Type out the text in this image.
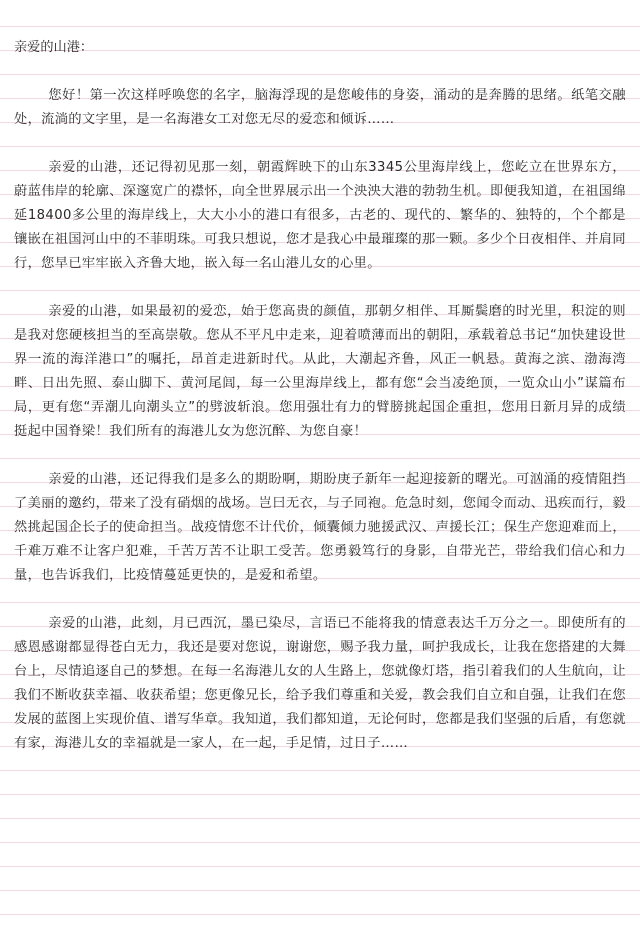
亲爱的山港：

您好！第一次这样呼唤您的名字，脑海浮现的是您峻伟的身姿，涌动的是奔腾的思绪。纸笔交融处，流淌的文字里，是一名海港女工对您无尽的爱恋和倾诉……

亲爱的山港，还记得初见那一刻，朝霞辉映下的山东3345公里海岸线上，您屹立在世界东方，蔚蓝伟岸的轮廓、深邃宽广的襟怀，向全世界展示出一个泱泱大港的勃勃生机。即便我知道，在祖国绵延18400多公里的海岸线上，大大小小的港口有很多，古老的、现代的、繁华的、独特的，个个都是镶嵌在祖国河山中的不菲明珠。可我只想说，您才是我心中最璀璨的那一颗。多少个日夜相伴、并肩同行，您早已牢牢嵌入齐鲁大地，嵌入每一名山港儿女的心里。

亲爱的山港，如果最初的爱恋，始于您高贵的颜值，那朝夕相伴、耳厮鬓磨的时光里，积淀的则是我对您硬核担当的至高崇敬。您从不平凡中走来，迎着喷薄而出的朝阳，承载着总书记“加快建设世界一流的海洋港口”的嘱托，昂首走进新时代。从此，大潮起齐鲁，风正一帆悬。黄海之滨、渤海湾畔、日出先照、泰山脚下、黄河尾闾，每一公里海岸线上，都有您“会当凌绝顶，一览众山小”谋篇布局，更有您“弄潮儿向潮头立”的劈波斩浪。您用强壮有力的臂膀挑起国企重担，您用日新月异的成绩挺起中国脊梁！我们所有的海港儿女为您沉醉、为您自豪！

亲爱的山港，还记得我们是多么的期盼啊，期盼庚子新年一起迎接新的曙光。可汹涌的疫情阻挡了美丽的邀约，带来了没有硝烟的战场。岂曰无衣，与子同袍。危急时刻，您闻令而动、迅疾而行，毅然挑起国企长子的使命担当。战疫情您不计代价，倾囊倾力驰援武汉、声援长江；保生产您迎难而上，千难万难不让客户犯难，千苦万苦不让职工受苦。您勇毅笃行的身影，自带光芒，带给我们信心和力量，也告诉我们，比疫情蔓延更快的，是爱和希望。

亲爱的山港，此刻，月已西沉，墨已染尽，言语已不能将我的情意表达千万分之一。即使所有的感恩感谢都显得苍白无力，我还是要对您说，谢谢您，赐予我力量，呵护我成长，让我在您搭建的大舞台上，尽情追逐自己的梦想。在每一名海港儿女的人生路上，您就像灯塔，指引着我们的人生航向，让我们不断收获幸福、收获希望；您更像兄长，给予我们尊重和关爱，教会我们自立和自强，让我们在您发展的蓝图上实现价值、谱写华章。我知道，我们都知道，无论何时，您都是我们坚强的后盾，有您就有家，海港儿女的幸福就是一家人，在一起，手足情，过日子……
